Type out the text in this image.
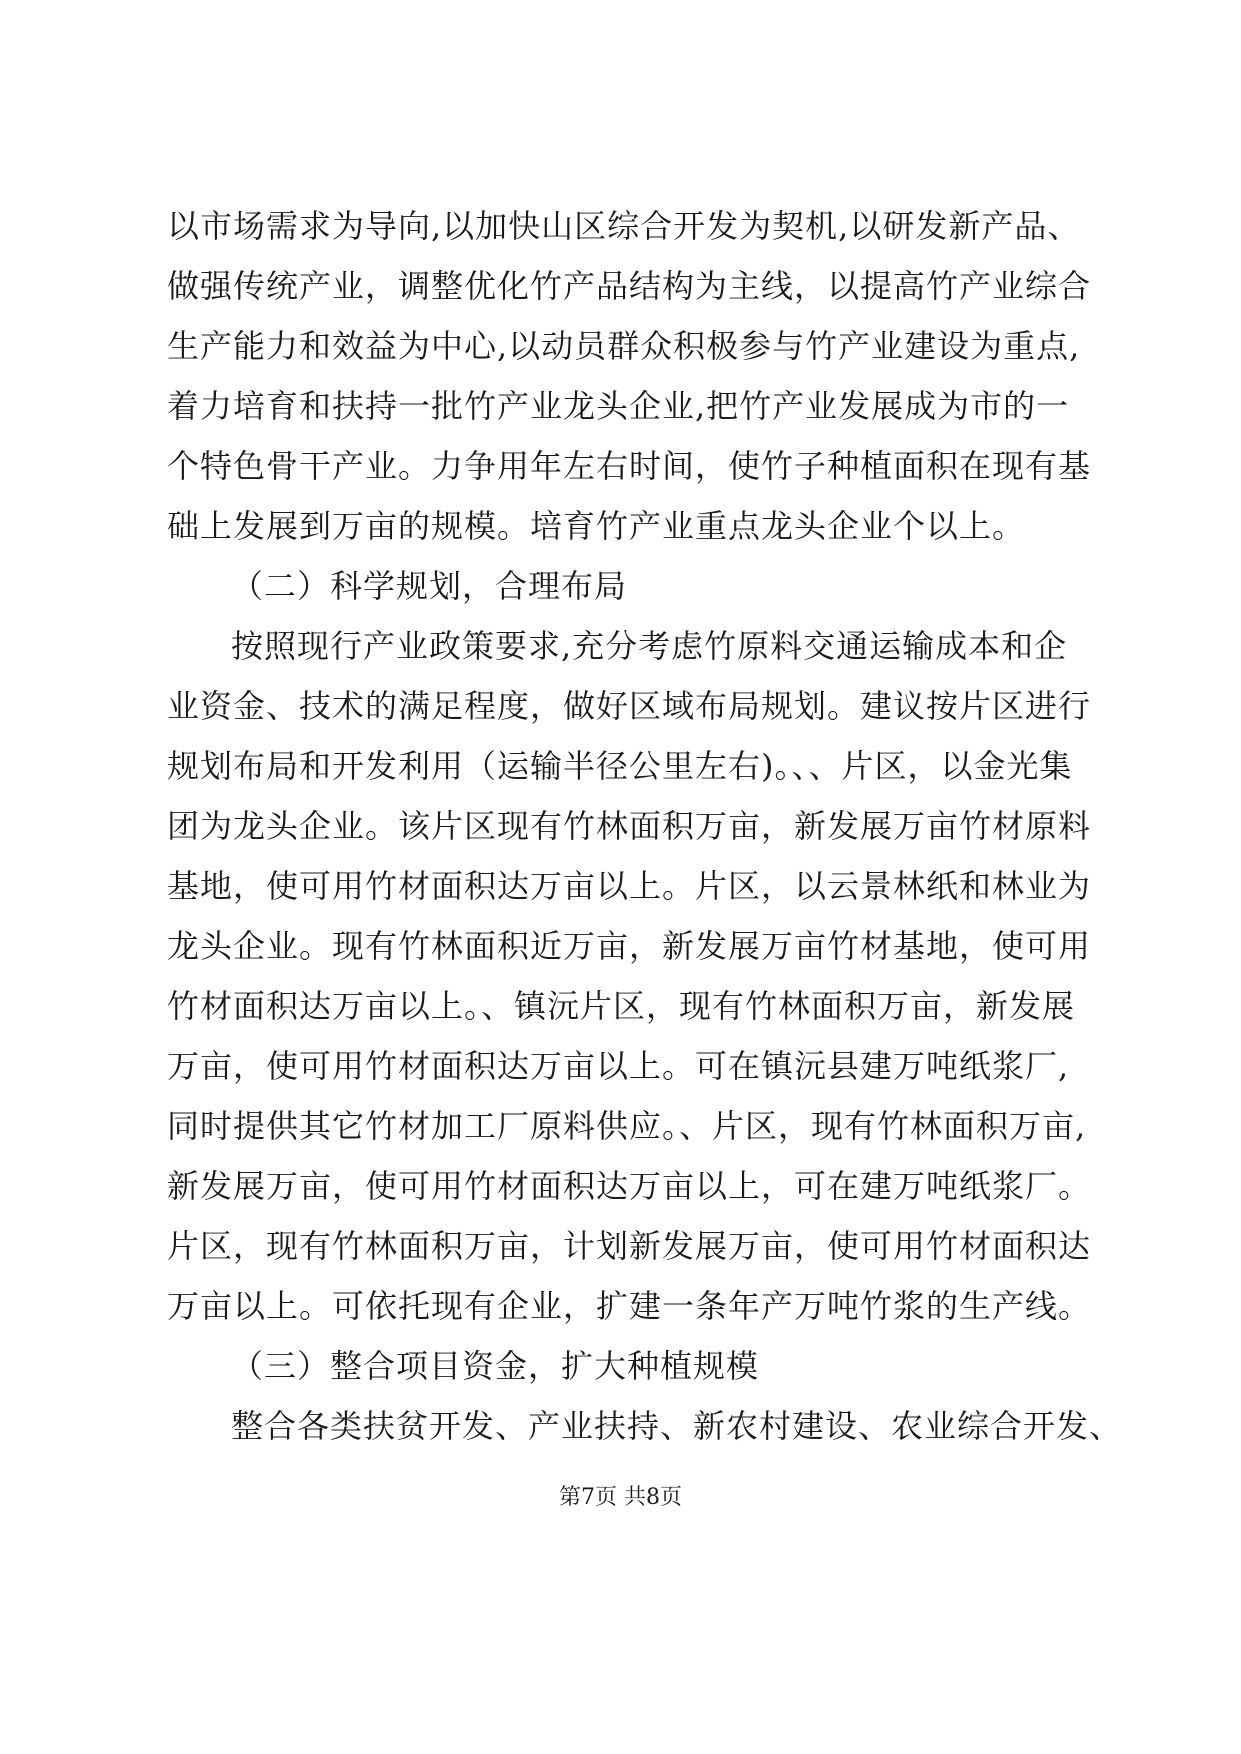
以市场需求为导向,以加快山区综合开发为契机,以研发新产品、
做强传统产业，调整优化竹产品结构为主线，以提高竹产业综合
生产能力和效益为中心,以动员群众积极参与竹产业建设为重点,
着力培育和扶持一批竹产业龙头企业,把竹产业发展成为市的一
个特色骨干产业。力争用年左右时间，使竹子种植面积在现有基
础上发展到万亩的规模。培育竹产业重点龙头企业个以上。
（二）科学规划，合理布局
按照现行产业政策要求,充分考虑竹原料交通运输成本和企
业资金、技术的满足程度，做好区域布局规划。建议按片区进行
规划布局和开发利用（运输半径公里左右)。、、片区，以金光集
团为龙头企业。该片区现有竹林面积万亩，新发展万亩竹材原料
基地，使可用竹材面积达万亩以上。片区，以云景林纸和林业为
龙头企业。现有竹林面积近万亩，新发展万亩竹材基地，使可用
竹材面积达万亩以上。、镇沅片区，现有竹林面积万亩，新发展
万亩，使可用竹材面积达万亩以上。可在镇沅县建万吨纸浆厂,
同时提供其它竹材加工厂原料供应。、片区，现有竹林面积万亩,
新发展万亩，使可用竹材面积达万亩以上，可在建万吨纸浆厂。
片区，现有竹林面积万亩，计划新发展万亩，使可用竹材面积达
万亩以上。可依托现有企业，扩建一条年产万吨竹浆的生产线。
（三）整合项目资金，扩大种植规模
整合各类扶贫开发、产业扶持、新农村建设、农业综合开发、
第7页 共8页
